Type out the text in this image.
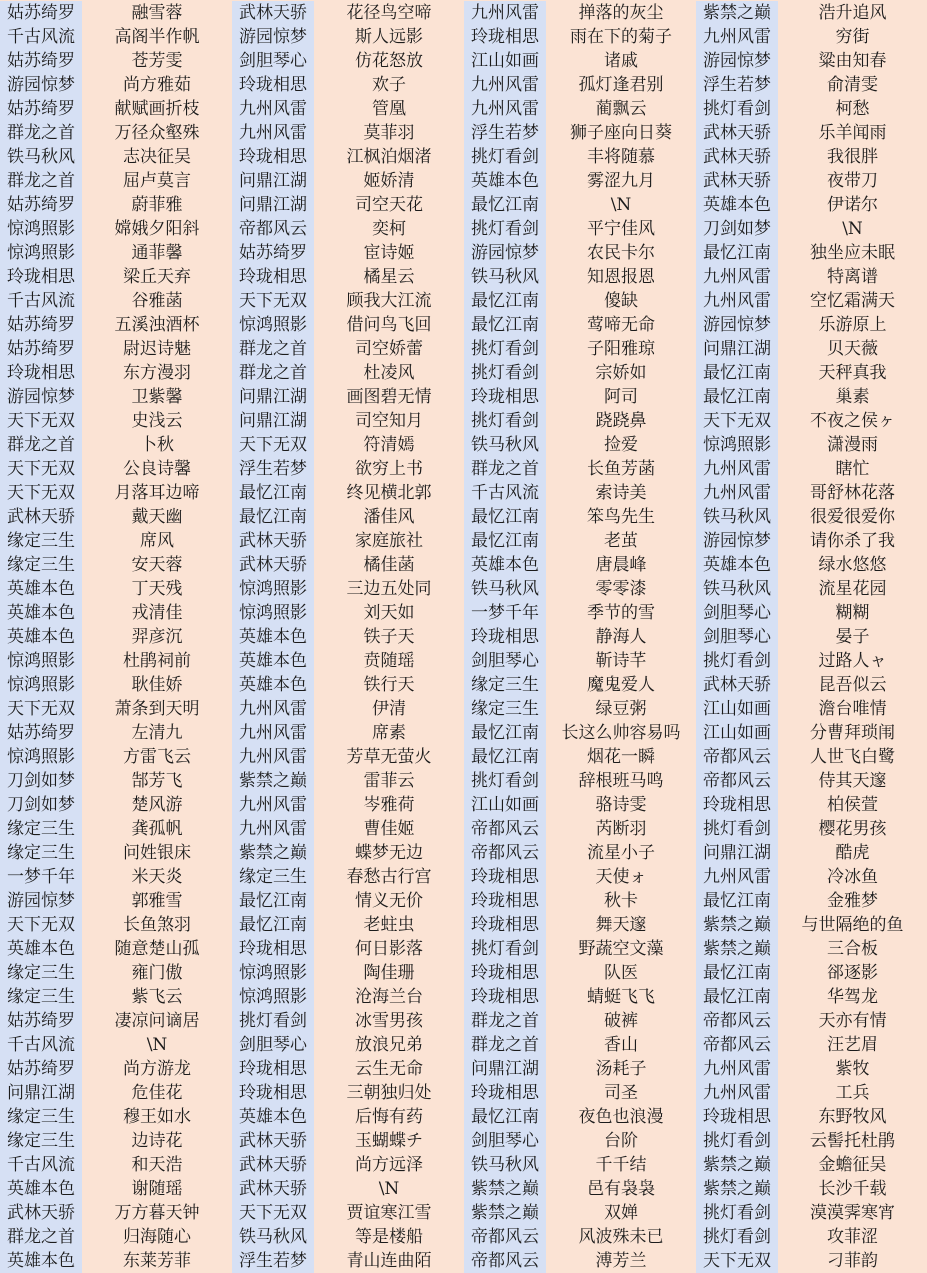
姑苏绮罗	融雪蓉	武林天骄	花径鸟空啼	九州风雷	掸落的灰尘	紫禁之巅	浩升追风
千古风流	高阁半作帆	游园惊梦	斯人远影	玲珑相思	雨在下的菊子	九州风雷	穷街
姑苏绮罗	苍芳雯	剑胆琴心	仿花怒放	江山如画	诸戚	游园惊梦	粱由知春
游园惊梦	尚方雅茹	玲珑相思	欢子	九州风雷	孤灯逢君别	浮生若梦	俞清雯
姑苏绮罗	献赋画折枝	九州风雷	管凰	九州风雷	蔺飘云	挑灯看剑	柯愁
群龙之首	万径众壑殊	九州风雷	莫菲羽	浮生若梦	狮子座向日葵	武林天骄	乐羊闻雨
铁马秋风	志决征吴	玲珑相思	江枫泊烟渚	挑灯看剑	丰将随慕	武林天骄	我很胖
群龙之首	屈卢莫言	问鼎江湖	姬娇清	英雄本色	雾涩九月	武林天骄	夜带刀
姑苏绮罗	蔚菲雅	问鼎江湖	司空天花	最忆江南	\N	英雄本色	伊诺尔
惊鸿照影	嫦娥夕阳斜	帝都风云	奕柯	挑灯看剑	平宁佳风	刀剑如梦	\N
惊鸿照影	通菲馨	姑苏绮罗	宦诗姬	游园惊梦	农民卡尔	最忆江南	独坐应未眠
玲珑相思	梁丘天弃	玲珑相思	橘星云	铁马秋风	知恩报恩	九州风雷	特离谱
千古风流	谷雅菡	天下无双	顾我大江流	最忆江南	傻缺	九州风雷	空忆霜满天
姑苏绮罗	五溪浊酒杯	惊鸿照影	借问鸟飞回	最忆江南	莺啼无命	游园惊梦	乐游原上
姑苏绮罗	尉迟诗魅	群龙之首	司空娇蕾	挑灯看剑	子阳雅琼	问鼎江湖	贝天薇
玲珑相思	东方漫羽	群龙之首	杜凌风	挑灯看剑	宗娇如	最忆江南	天秤真我
游园惊梦	卫紫馨	问鼎江湖	画图碧无情	玲珑相思	阿司	最忆江南	巢素
天下无双	史浅云	问鼎江湖	司空知月	挑灯看剑	跷跷鼻	天下无双	不夜之侯ヶ
群龙之首	卜秋	天下无双	符清嫣	铁马秋风	捡爱	惊鸿照影	潇漫雨
天下无双	公良诗馨	浮生若梦	欲穷上书	群龙之首	长鱼芳菡	九州风雷	瞎忙
天下无双	月落耳边啼	最忆江南	终见横北郭	千古风流	索诗美	九州风雷	哥舒林花落
武林天骄	戴天幽	最忆江南	潘佳风	最忆江南	笨鸟先生	铁马秋风	很爱很爱你
缘定三生	席风	武林天骄	家庭旅社	最忆江南	老茧	游园惊梦	请你杀了我
缘定三生	安天蓉	武林天骄	橘佳菡	英雄本色	唐晨峰	英雄本色	绿水悠悠
英雄本色	丁天残	惊鸿照影	三边五处同	铁马秋风	零零漆	铁马秋风	流星花园
英雄本色	戎清佳	惊鸿照影	刘天如	一梦千年	季节的雪	剑胆琴心	糊糊
英雄本色	羿彦沉	英雄本色	铁子天	玲珑相思	静海人	剑胆琴心	晏子
惊鸿照影	杜鹃祠前	英雄本色	贲随瑶	剑胆琴心	靳诗芊	挑灯看剑	过路人ャ
惊鸿照影	耿佳娇	英雄本色	铁行天	缘定三生	魔鬼爱人	武林天骄	昆吾似云
天下无双	萧条到天明	九州风雷	伊清	缘定三生	绿豆粥	江山如画	澹台唯情
姑苏绮罗	左清九	九州风雷	席素	最忆江南	长这么帅容易吗	江山如画	分曹拜琐闱
惊鸿照影	方雷飞云	九州风雷	芳草无萤火	最忆江南	烟花一瞬	帝都风云	人世飞白鹭
刀剑如梦	郜芳飞	紫禁之巅	雷菲云	挑灯看剑	辞根班马鸣	帝都风云	侍其天邃
刀剑如梦	楚风游	九州风雷	岑雅荷	江山如画	骆诗雯	玲珑相思	柏侯萱
缘定三生	龚孤帆	九州风雷	曹佳姬	帝都风云	芮断羽	挑灯看剑	樱花男孩
缘定三生	问姓银床	紫禁之巅	蝶梦无边	帝都风云	流星小子	问鼎江湖	酷虎
一梦千年	米天炎	缘定三生	春愁古行宫	玲珑相思	天使ォ	九州风雷	冷冰鱼
游园惊梦	郭雅雪	最忆江南	情义无价	玲珑相思	秋卡	最忆江南	金雅梦
天下无双	长鱼煞羽	最忆江南	老蛀虫	玲珑相思	舞天邃	紫禁之巅	与世隔绝的鱼
英雄本色	随意楚山孤	玲珑相思	何日影落	挑灯看剑	野蔬空文藻	紫禁之巅	三合板
缘定三生	雍门傲	惊鸿照影	陶佳珊	玲珑相思	队医	最忆江南	郤逐影
缘定三生	紫飞云	惊鸿照影	沧海兰台	玲珑相思	蜻蜓飞飞	最忆江南	华驾龙
姑苏绮罗	凄凉问谪居	挑灯看剑	冰雪男孩	群龙之首	破裤	帝都风云	天亦有情
千古风流	\N	剑胆琴心	放浪兄弟	群龙之首	香山	帝都风云	汪艺眉
姑苏绮罗	尚方游龙	玲珑相思	云生无命	问鼎江湖	汤耗子	九州风雷	紫牧
问鼎江湖	危佳花	玲珑相思	三朝独归处	玲珑相思	司圣	九州风雷	工兵
缘定三生	穆王如水	英雄本色	后悔有药	最忆江南	夜色也浪漫	玲珑相思	东野牧风
缘定三生	边诗花	武林天骄	玉蝴蝶チ	剑胆琴心	台阶	挑灯看剑	云髻托杜鹃
千古风流	和天浩	武林天骄	尚方远泽	铁马秋风	千千结	紫禁之巅	金蟾征吴
英雄本色	谢随瑶	武林天骄	\N	紫禁之巅	邑有袅袅	紫禁之巅	长沙千载
武林天骄	万方暮天钟	天下无双	贾谊寒江雪	紫禁之巅	双婵	挑灯看剑	漠漠霁寒宵
群龙之首	归海随心	铁马秋风	等是楼船	帝都风云	风波殊未已	挑灯看剑	攻菲涩
英雄本色	东莱芳菲	浮生若梦	青山连曲陌	帝都风云	溥芳兰	天下无双	刁菲韵
